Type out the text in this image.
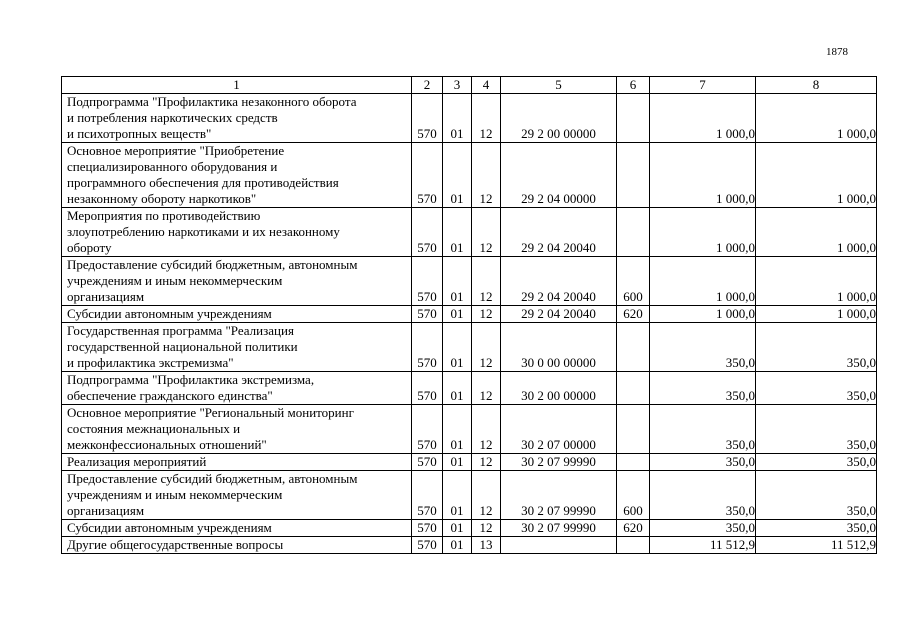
1878
1	2	3	4	5	6	7	8

Подпрограмма "Профилактика незаконного оборота
и потребления наркотических средств
и психотропных веществ"	570	01	12	29 2 00 00000		1 000,0	1 000,0

Основное мероприятие "Приобретение
специализированного оборудования и
программного обеспечения для противодействия
незаконному обороту наркотиков"	570	01	12	29 2 04 00000		1 000,0	1 000,0

Мероприятия по противодействию
злоупотреблению наркотиками и их незаконному
обороту	570	01	12	29 2 04 20040		1 000,0	1 000,0

Предоставление субсидий бюджетным, автономным
учреждениям и иным некоммерческим
организациям	570	01	12	29 2 04 20040	600	1 000,0	1 000,0

Субсидии автономным учреждениям	570	01	12	29 2 04 20040	620	1 000,0	1 000,0

Государственная программа "Реализация
государственной национальной политики
и профилактика экстремизма"	570	01	12	30 0 00 00000		350,0	350,0

Подпрограмма "Профилактика экстремизма,
обеспечение гражданского единства"	570	01	12	30 2 00 00000		350,0	350,0

Основное мероприятие "Региональный мониторинг
состояния межнациональных и
межконфессиональных отношений"	570	01	12	30 2 07 00000		350,0	350,0

Реализация мероприятий	570	01	12	30 2 07 99990		350,0	350,0

Предоставление субсидий бюджетным, автономным
учреждениям и иным некоммерческим
организациям	570	01	12	30 2 07 99990	600	350,0	350,0

Субсидии автономным учреждениям	570	01	12	30 2 07 99990	620	350,0	350,0

Другие общегосударственные вопросы	570	01	13			11 512,9	11 512,9
